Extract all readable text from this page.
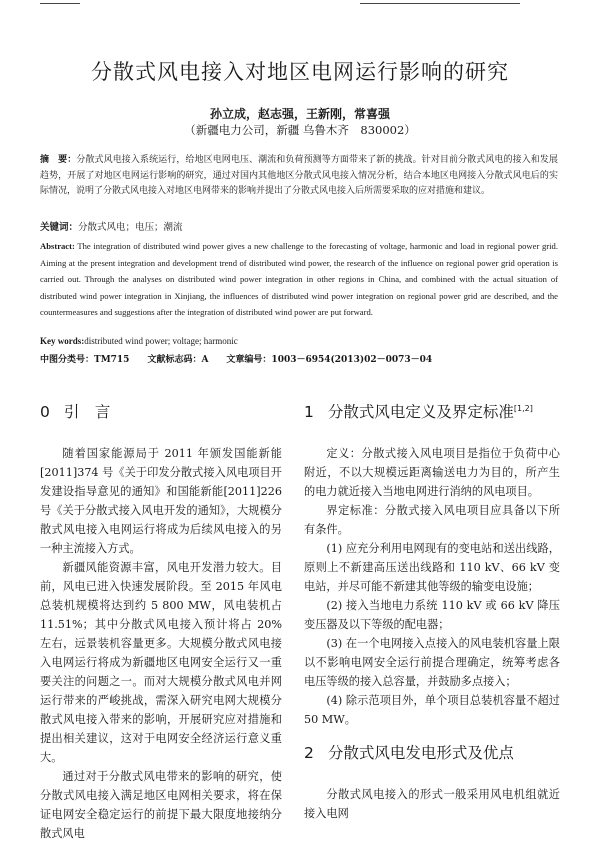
分散式风电接入对地区电网运行影响的研究
孙立成，赵志强，王新刚，常喜强
（新疆电力公司，新疆 乌鲁木齐　830002）
摘　要：分散式风电接入系统运行，给地区电网电压、潮流和负荷预测等方面带来了新的挑战。针对目前分散式风电的接入和发展趋势，开展了对地区电网运行影响的研究，通过对国内其他地区分散式风电接入情况分析，结合本地区电网接入分散式风电后的实际情况，说明了分散式风电接入对地区电网带来的影响并提出了分散式风电接入后所需要采取的应对措施和建议。
关键词：分散式风电；电压；潮流
Abstract: The integration of distributed wind power gives a new challenge to the forecasting of voltage, harmonic and load in regional power grid. Aiming at the present integration and development trend of distributed wind power, the research of the influence on regional power grid operation is carried out. Through the analyses on distributed wind power integration in other regions in China, and combined with the actual situation of distributed wind power integration in Xinjiang, the influences of distributed wind power integration on regional power grid are described, and the countermeasures and suggestions after the integration of distributed wind power are put forward.
Key words:distributed wind power; voltage; harmonic
中图分类号：TM715　　文献标志码：A　　文章编号：1003－6954(2013)02－0073－04
0 引　言

随着国家能源局于 2011 年颁发国能新能[2011]374 号《关于印发分散式接入风电项目开发建设指导意见的通知》和国能新能[2011]226 号《关于分散式接入风电开发的通知》，大规模分散式风电接入电网运行将成为后续风电接入的另一种主流接入方式。

新疆风能资源丰富，风电开发潜力较大。目前，风电已进入快速发展阶段。至 2015 年风电总装机规模将达到约 5 800 MW，风电装机占 11.51%；其中分散式风电接入预计将占 20% 左右，远景装机容量更多。大规模分散式风电接入电网运行将成为新疆地区电网安全运行又一重要关注的问题之一。而对大规模分散式风电并网运行带来的严峻挑战，需深入研究电网大规模分散式风电接入带来的影响，开展研究应对措施和提出相关建议，这对于电网安全经济运行意义重大。

通过对于分散式风电带来的影响的研究，使分散式风电接入满足地区电网相关要求，将在保证电网安全稳定运行的前提下最大限度地接纳分散式风电

1 分散式风电定义及界定标准[1,2]

定义：分散式接入风电项目是指位于负荷中心附近，不以大规模远距离输送电力为目的，所产生的电力就近接入当地电网进行消纳的风电项目。

界定标准：分散式接入风电项目应具备以下所有条件。

(1) 应充分利用电网现有的变电站和送出线路，原则上不新建高压送出线路和 110 kV、66 kV 变电站，并尽可能不新建其他等级的输变电设施；

(2) 接入当地电力系统 110 kV 或 66 kV 降压变压器及以下等级的配电器；

(3) 在一个电网接入点接入的风电装机容量上限以不影响电网安全运行前提合理确定，统筹考虑各电压等级的接入总容量，并鼓励多点接入；

(4) 除示范项目外，单个项目总装机容量不超过 50 MW。

2 分散式风电发电形式及优点

分散式风电接入的形式一般采用风电机组就近接入电网
